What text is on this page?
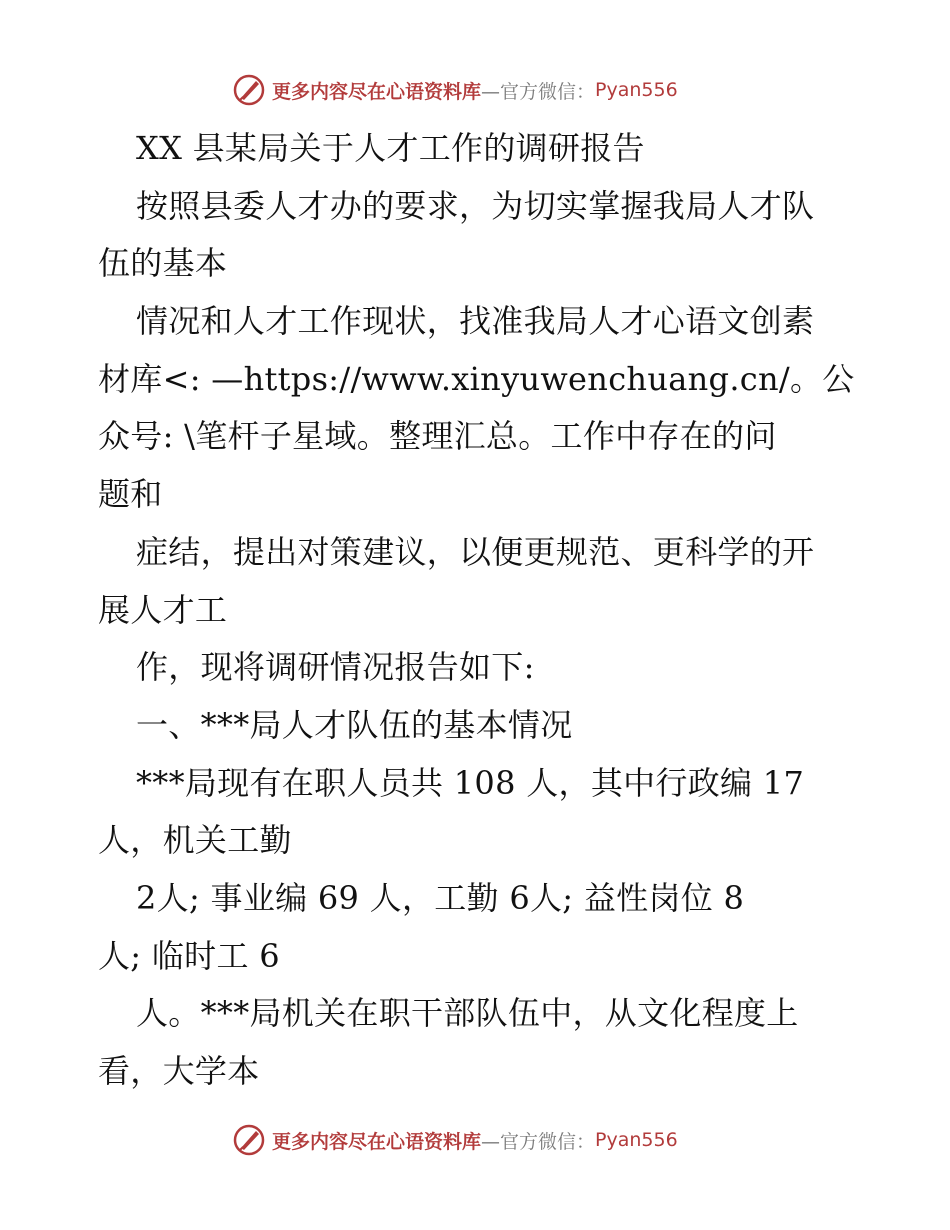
更多内容尽在心语资料库 —官方微信： Pyan556
XX 县某局关于人才工作的调研报告
按照县委人才办的要求，为切实掌握我局人才队
伍的基本
情况和人才工作现状，找准我局人才心语文创素
材库<: —https://www.xinyuwenchuang.cn/。公
众号: \笔杆子星域。整理汇总。工作中存在的问
题和
症结，提出对策建议，以便更规范、更科学的开
展人才工
作，现将调研情况报告如下:
一、***局人才队伍的基本情况
***局现有在职人员共 108 人，其中行政编 17
人，机关工勤
2人; 事业编 69 人，工勤 6人; 益性岗位 8
人; 临时工 6
人。***局机关在职干部队伍中，从文化程度上
看，大学本
更多内容尽在心语资料库 —官方微信： Pyan556
